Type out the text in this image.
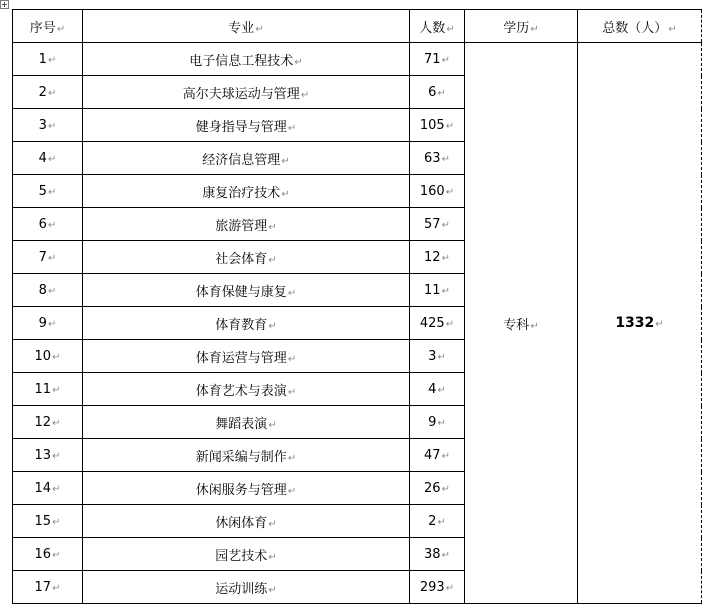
序号↵	专业↵	人数↵	学历↵	总数（人）↵
1↵	电子信息工程技术↵	71↵	专科↵	1332↵
2↵	高尔夫球运动与管理↵	6↵		
3↵	健身指导与管理↵	105↵		
4↵	经济信息管理↵	63↵		
5↵	康复治疗技术↵	160↵		
6↵	旅游管理↵	57↵		
7↵	社会体育↵	12↵		
8↵	体育保健与康复↵	11↵		
9↵	体育教育↵	425↵		
10↵	体育运营与管理↵	3↵		
11↵	体育艺术与表演↵	4↵		
12↵	舞蹈表演↵	9↵		
13↵	新闻采编与制作↵	47↵		
14↵	休闲服务与管理↵	26↵		
15↵	休闲体育↵	2↵		
16↵	园艺技术↵	38↵		
17↵	运动训练↵	293↵		
